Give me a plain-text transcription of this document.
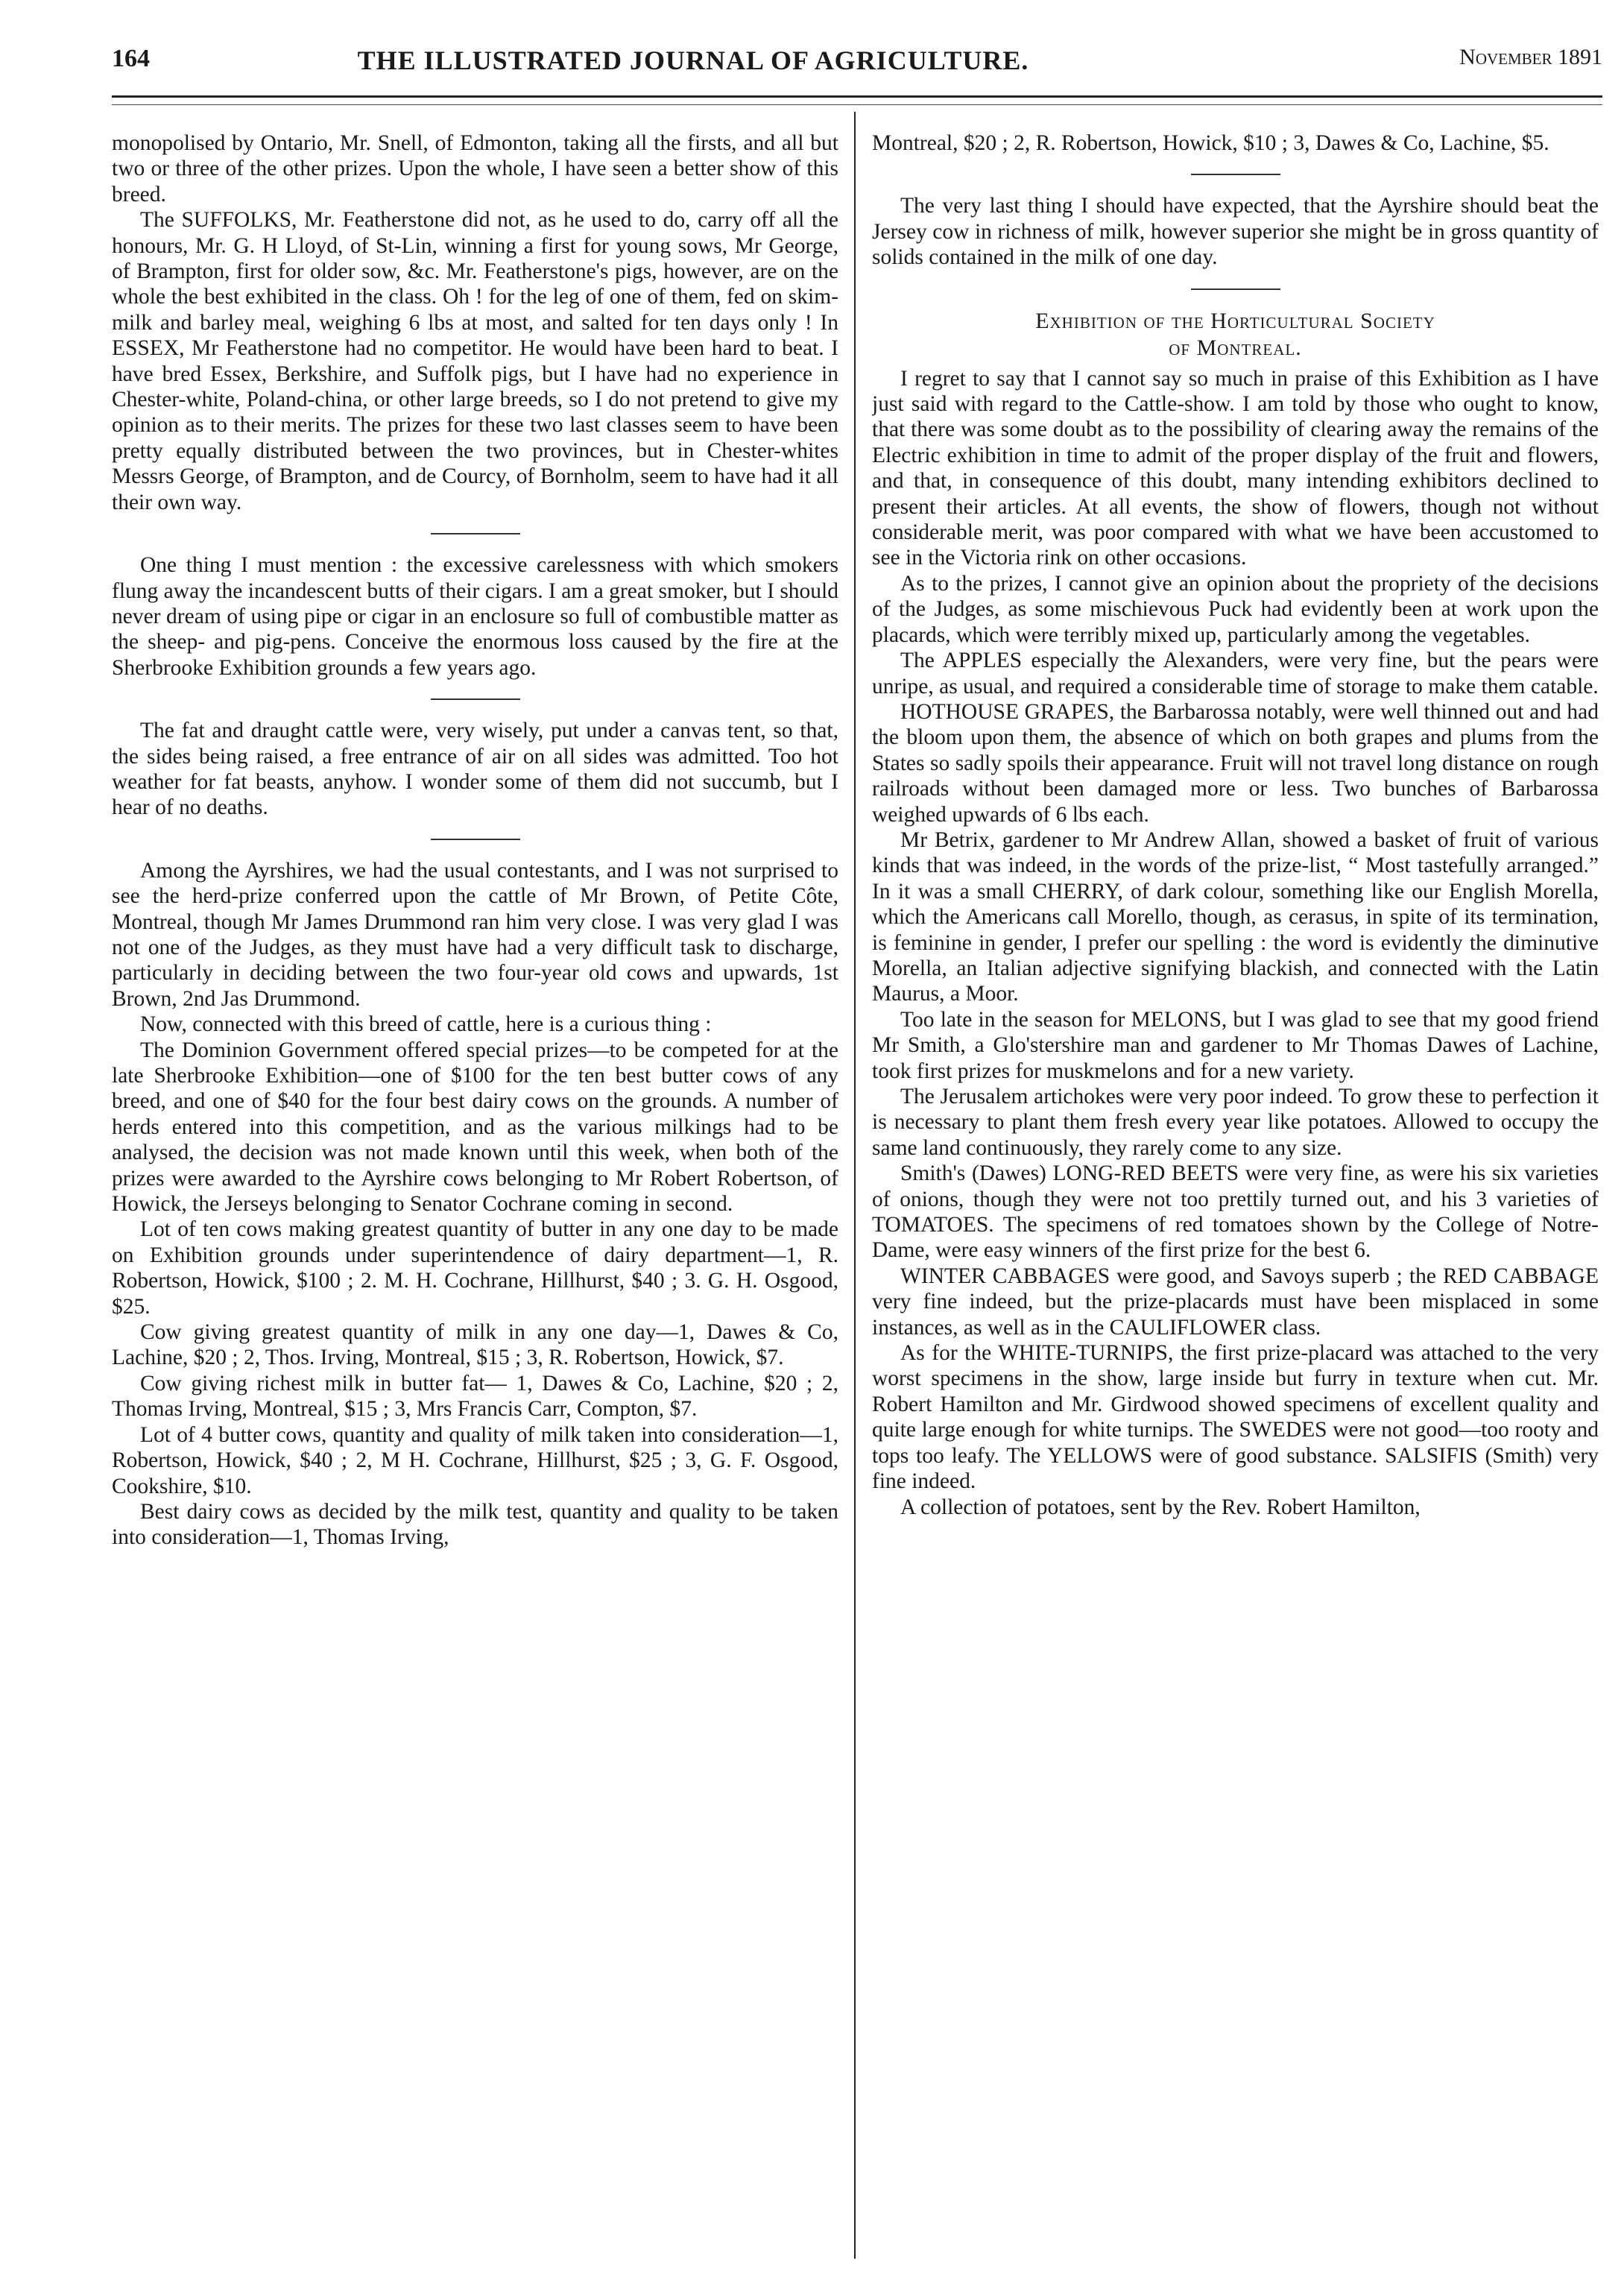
164	THE ILLUSTRATED JOURNAL OF AGRICULTURE.	November 1891

monopolised by Ontario, Mr. Snell, of Edmonton, taking all the firsts, and all but two or three of the other prizes. Upon the whole, I have seen a better show of this breed.

The SUFFOLKS, Mr. Featherstone did not, as he used to do, carry off all the honours, Mr. G. H Lloyd, of St-Lin, winning a first for young sows, Mr George, of Brampton, first for older sow, &c. Mr. Featherstone's pigs, however, are on the whole the best exhibited in the class. Oh ! for the leg of one of them, fed on skim-milk and barley meal, weighing 6 lbs at most, and salted for ten days only ! In ESSEX, Mr Featherstone had no competitor. He would have been hard to beat. I have bred Essex, Berkshire, and Suffolk pigs, but I have had no experience in Chester-white, Poland-china, or other large breeds, so I do not pretend to give my opinion as to their merits. The prizes for these two last classes seem to have been pretty equally distributed between the two provinces, but in Chester-whites Messrs George, of Brampton, and de Courcy, of Bornholm, seem to have had it all their own way.

One thing I must mention : the excessive carelessness with which smokers flung away the incandescent butts of their cigars. I am a great smoker, but I should never dream of using pipe or cigar in an enclosure so full of combustible matter as the sheep- and pig-pens. Conceive the enormous loss caused by the fire at the Sherbrooke Exhibition grounds a few years ago.

The fat and draught cattle were, very wisely, put under a canvas tent, so that, the sides being raised, a free entrance of air on all sides was admitted. Too hot weather for fat beasts, anyhow. I wonder some of them did not succumb, but I hear of no deaths.

Among the Ayrshires, we had the usual contestants, and I was not surprised to see the herd-prize conferred upon the cattle of Mr Brown, of Petite Côte, Montreal, though Mr James Drummond ran him very close. I was very glad I was not one of the Judges, as they must have had a very difficult task to discharge, particularly in deciding between the two four-year old cows and upwards, 1st Brown, 2nd Jas Drummond.

Now, connected with this breed of cattle, here is a curious thing :

The Dominion Government offered special prizes—to be competed for at the late Sherbrooke Exhibition—one of $100 for the ten best butter cows of any breed, and one of $40 for the four best dairy cows on the grounds. A number of herds entered into this competition, and as the various milkings had to be analysed, the decision was not made known until this week, when both of the prizes were awarded to the Ayrshire cows belonging to Mr Robert Robertson, of Howick, the Jerseys belonging to Senator Cochrane coming in second.

Lot of ten cows making greatest quantity of butter in any one day to be made on Exhibition grounds under superintendence of dairy department—1, R. Robertson, Howick, $100 ; 2. M. H. Cochrane, Hillhurst, $40 ; 3. G. H. Osgood, $25.

Cow giving greatest quantity of milk in any one day—1, Dawes & Co, Lachine, $20 ; 2, Thos. Irving, Montreal, $15 ; 3, R. Robertson, Howick, $7.

Cow giving richest milk in butter fat— 1, Dawes & Co, Lachine, $20 ; 2, Thomas Irving, Montreal, $15 ; 3, Mrs Francis Carr, Compton, $7.

Lot of 4 butter cows, quantity and quality of milk taken into consideration—1, Robertson, Howick, $40 ; 2, M H. Cochrane, Hillhurst, $25 ; 3, G. F. Osgood, Cookshire, $10.

Best dairy cows as decided by the milk test, quantity and quality to be taken into consideration—1, Thomas Irving,

Montreal, $20 ; 2, R. Robertson, Howick, $10 ; 3, Dawes & Co, Lachine, $5.

The very last thing I should have expected, that the Ayrshire should beat the Jersey cow in richness of milk, however superior she might be in gross quantity of solids contained in the milk of one day.

Exhibition of the Horticultural Society
of Montreal.

I regret to say that I cannot say so much in praise of this Exhibition as I have just said with regard to the Cattle-show. I am told by those who ought to know, that there was some doubt as to the possibility of clearing away the remains of the Electric exhibition in time to admit of the proper display of the fruit and flowers, and that, in consequence of this doubt, many intending exhibitors declined to present their articles. At all events, the show of flowers, though not without considerable merit, was poor compared with what we have been accustomed to see in the Victoria rink on other occasions.

As to the prizes, I cannot give an opinion about the propriety of the decisions of the Judges, as some mischievous Puck had evidently been at work upon the placards, which were terribly mixed up, particularly among the vegetables.

The APPLES especially the Alexanders, were very fine, but the pears were unripe, as usual, and required a considerable time of storage to make them catable.

HOTHOUSE GRAPES, the Barbarossa notably, were well thinned out and had the bloom upon them, the absence of which on both grapes and plums from the States so sadly spoils their appearance. Fruit will not travel long distance on rough railroads without been damaged more or less. Two bunches of Barbarossa weighed upwards of 6 lbs each.

Mr Betrix, gardener to Mr Andrew Allan, showed a basket of fruit of various kinds that was indeed, in the words of the prize-list, “ Most tastefully arranged.” In it was a small CHERRY, of dark colour, something like our English Morella, which the Americans call Morello, though, as cerasus, in spite of its termination, is feminine in gender, I prefer our spelling : the word is evidently the diminutive Morella, an Italian adjective signifying blackish, and connected with the Latin Maurus, a Moor.

Too late in the season for MELONS, but I was glad to see that my good friend Mr Smith, a Glo'stershire man and gardener to Mr Thomas Dawes of Lachine, took first prizes for muskmelons and for a new variety.

The Jerusalem artichokes were very poor indeed. To grow these to perfection it is necessary to plant them fresh every year like potatoes. Allowed to occupy the same land continuously, they rarely come to any size.

Smith's (Dawes) LONG-RED BEETS were very fine, as were his six varieties of onions, though they were not too prettily turned out, and his 3 varieties of TOMATOES. The specimens of red tomatoes shown by the College of Notre-Dame, were easy winners of the first prize for the best 6.

WINTER CABBAGES were good, and Savoys superb ; the RED CABBAGE very fine indeed, but the prize-placards must have been misplaced in some instances, as well as in the CAULIFLOWER class.

As for the WHITE-TURNIPS, the first prize-placard was attached to the very worst specimens in the show, large inside but furry in texture when cut. Mr. Robert Hamilton and Mr. Girdwood showed specimens of excellent quality and quite large enough for white turnips. The SWEDES were not good—too rooty and tops too leafy. The YELLOWS were of good substance. SALSIFIS (Smith) very fine indeed.

A collection of potatoes, sent by the Rev. Robert Hamilton,
